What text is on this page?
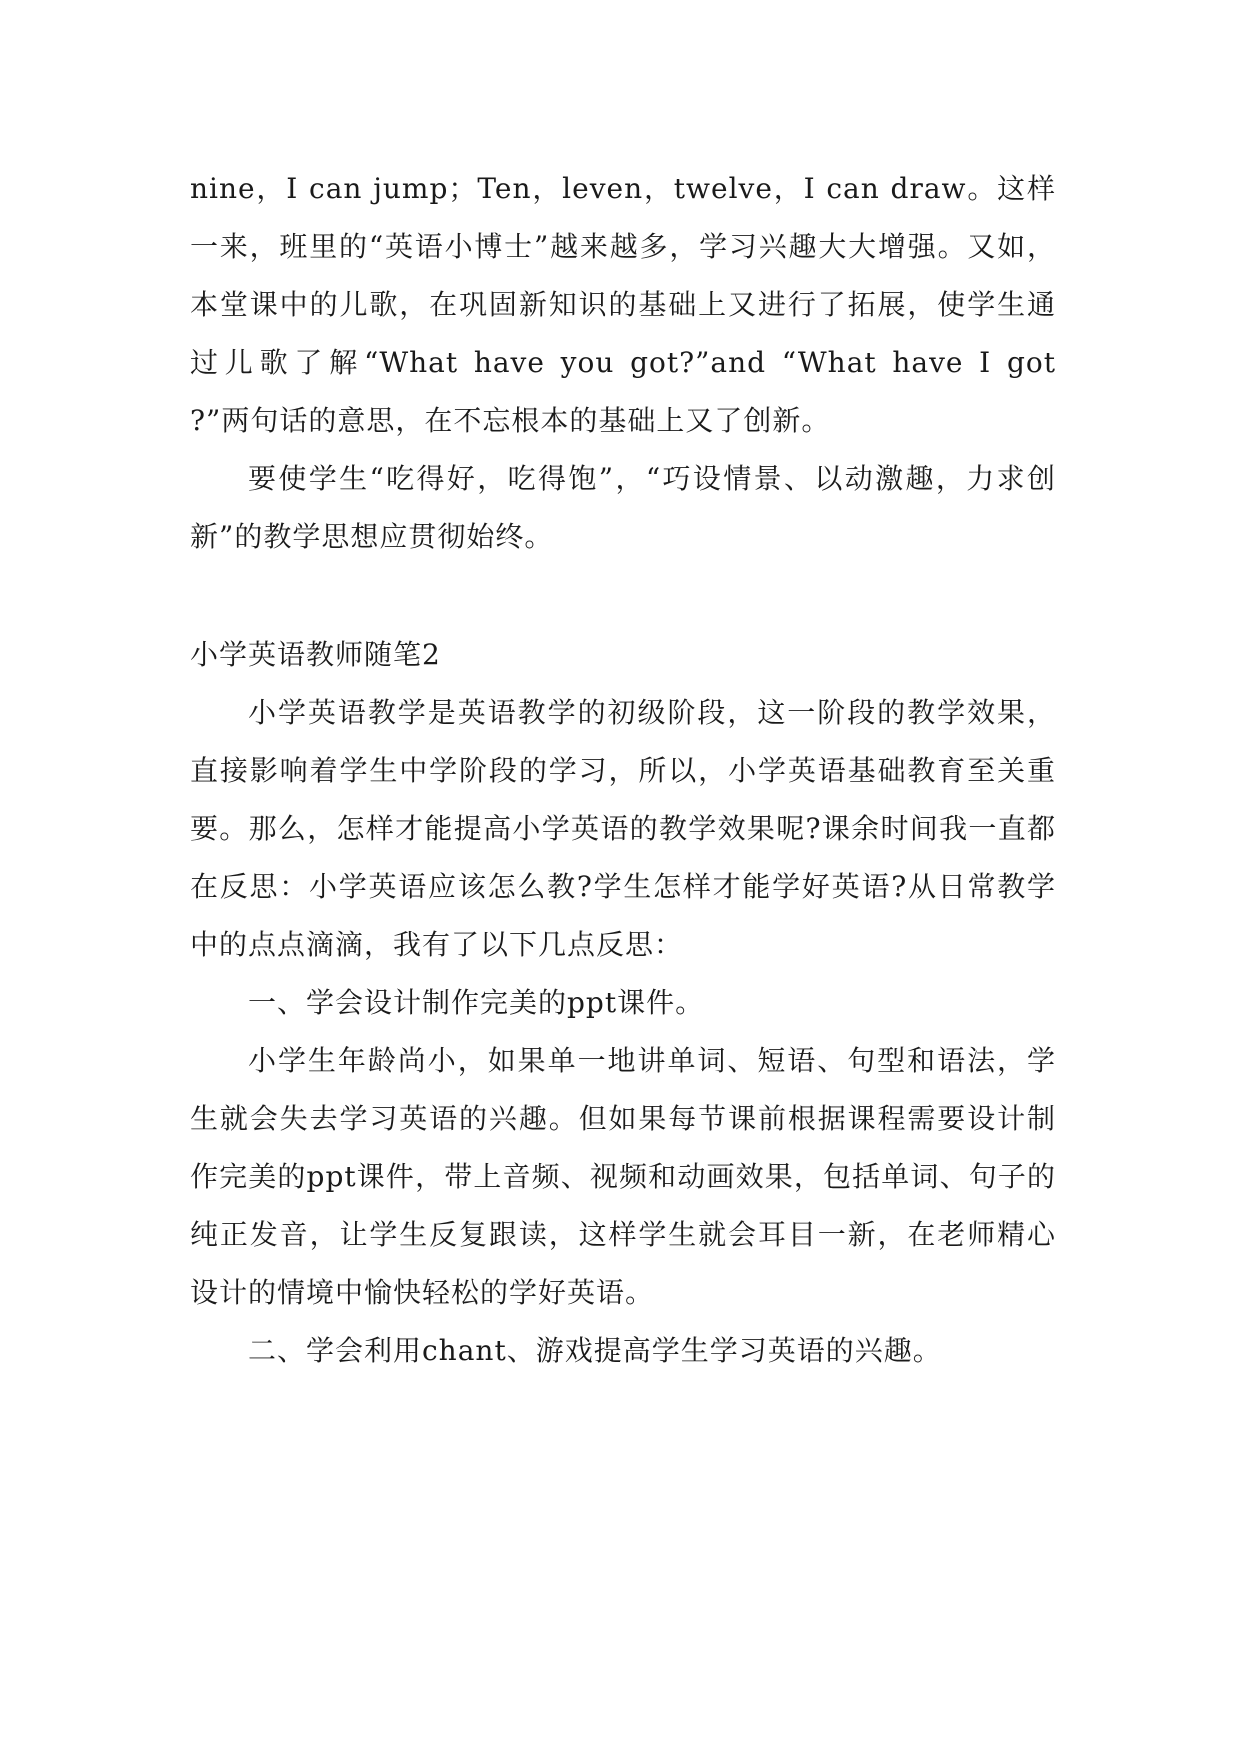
nine，I can jump；Ten，leven，twelve，I can draw。这样一来，班里的“英语小博士”越来越多，学习兴趣大大增强。又如，本堂课中的儿歌，在巩固新知识的基础上又进行了拓展，使学生通过儿歌了解“What have you got?”and “What have I got ?”两句话的意思，在不忘根本的基础上又了创新。

要使学生“吃得好，吃得饱”，“巧设情景、以动激趣，力求创新”的教学思想应贯彻始终。

小学英语教师随笔2

小学英语教学是英语教学的初级阶段，这一阶段的教学效果，直接影响着学生中学阶段的学习，所以，小学英语基础教育至关重要。那么，怎样才能提高小学英语的教学效果呢?课余时间我一直都在反思：小学英语应该怎么教?学生怎样才能学好英语?从日常教学中的点点滴滴，我有了以下几点反思：

一、学会设计制作完美的ppt课件。

小学生年龄尚小，如果单一地讲单词、短语、句型和语法，学生就会失去学习英语的兴趣。但如果每节课前根据课程需要设计制作完美的ppt课件，带上音频、视频和动画效果，包括单词、句子的纯正发音，让学生反复跟读，这样学生就会耳目一新，在老师精心设计的情境中愉快轻松的学好英语。

二、学会利用chant、游戏提高学生学习英语的兴趣。
